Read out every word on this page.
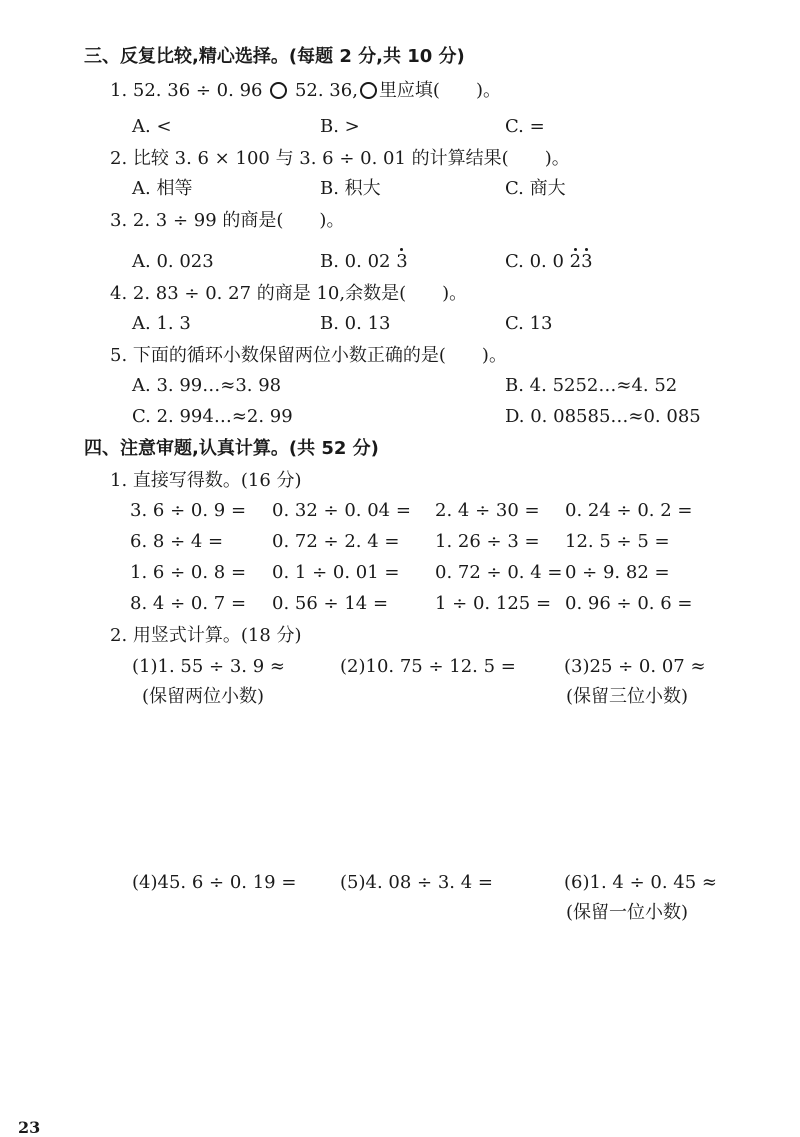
三、反复比较,精心选择。(每题 2 分,共 10 分)
1. 52. 36 ÷ 0. 96 52. 36, 里应填(　　)。
A. <	B. >	C. =
2. 比较 3. 6 × 100 与 3. 6 ÷ 0. 01 的计算结果(　　)。
A. 相等	B. 积大	C. 商大
3. 2. 3 ÷ 99 的商是(　　)。
A. 0. 023	B. 0. 02 3	C. 0. 0 23
4. 2. 83 ÷ 0. 27 的商是 10,余数是(　　)。
A. 1. 3	B. 0. 13	C. 13
5. 下面的循环小数保留两位小数正确的是(　　)。
A. 3. 99…≈3. 98	B. 4. 5252…≈4. 52
C. 2. 994…≈2. 99	D. 0. 08585…≈0. 085
四、注意审题,认真计算。(共 52 分)
1. 直接写得数。(16 分)
3. 6 ÷ 0. 9 = 0. 32 ÷ 0. 04 = 2. 4 ÷ 30 = 0. 24 ÷ 0. 2 =
6. 8 ÷ 4 =	0. 72 ÷ 2. 4 = 1. 26 ÷ 3 = 12. 5 ÷ 5 =
1. 6 ÷ 0. 8 = 0. 1 ÷ 0. 01 = 0. 72 ÷ 0. 4 = 0 ÷ 9. 82 =
8. 4 ÷ 0. 7 = 0. 56 ÷ 14 =	1 ÷ 0. 125 = 0. 96 ÷ 0. 6 =
2. 用竖式计算。(18 分)
(1)1. 55 ÷ 3. 9 ≈
(保留两位小数)
(2)10. 75 ÷ 12. 5 =	(3)25 ÷ 0. 07 ≈
(保留三位小数)
(4)45. 6 ÷ 0. 19 = (5)4. 08 ÷ 3. 4 =	(6)1. 4 ÷ 0. 45 ≈
(保留一位小数)
23
